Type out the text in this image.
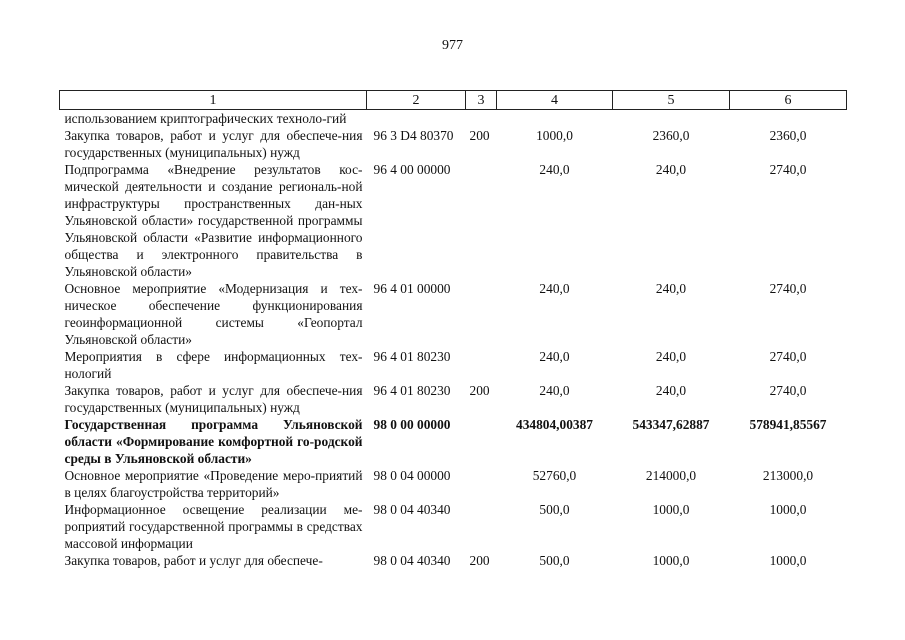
977
1	2	3	4	5	6
использованием криптографических техноло-гий					
Закупка товаров, работ и услуг для обеспече-ния государственных (муниципальных) нужд	96 3 D4 80370	200	1000,0	2360,0	2360,0
Подпрограмма «Внедрение результатов кос-мической деятельности и создание региональ-ной инфраструктуры пространственных дан-ных Ульяновской области» государственной программы Ульяновской области «Развитие информационного общества и электронного правительства в Ульяновской области»	96 4 00 00000		240,0	240,0	2740,0
Основное мероприятие «Модернизация и тех-ническое обеспечение функционирования геоинформационной системы «Геопортал Ульяновской области»	96 4 01 00000		240,0	240,0	2740,0
Мероприятия в сфере информационных тех-нологий	96 4 01 80230		240,0	240,0	2740,0
Закупка товаров, работ и услуг для обеспече-ния государственных (муниципальных) нужд	96 4 01 80230	200	240,0	240,0	2740,0
Государственная программа Ульяновской области «Формирование комфортной го-родской среды в Ульяновской области»	98 0 00 00000		434804,00387	543347,62887	578941,85567
Основное мероприятие «Проведение меро-приятий в целях благоустройства территорий»	98 0 04 00000		52760,0	214000,0	213000,0
Информационное освещение реализации ме-роприятий государственной программы в средствах массовой информации	98 0 04 40340		500,0	1000,0	1000,0
Закупка товаров, работ и услуг для обеспече-	98 0 04 40340	200	500,0	1000,0	1000,0
